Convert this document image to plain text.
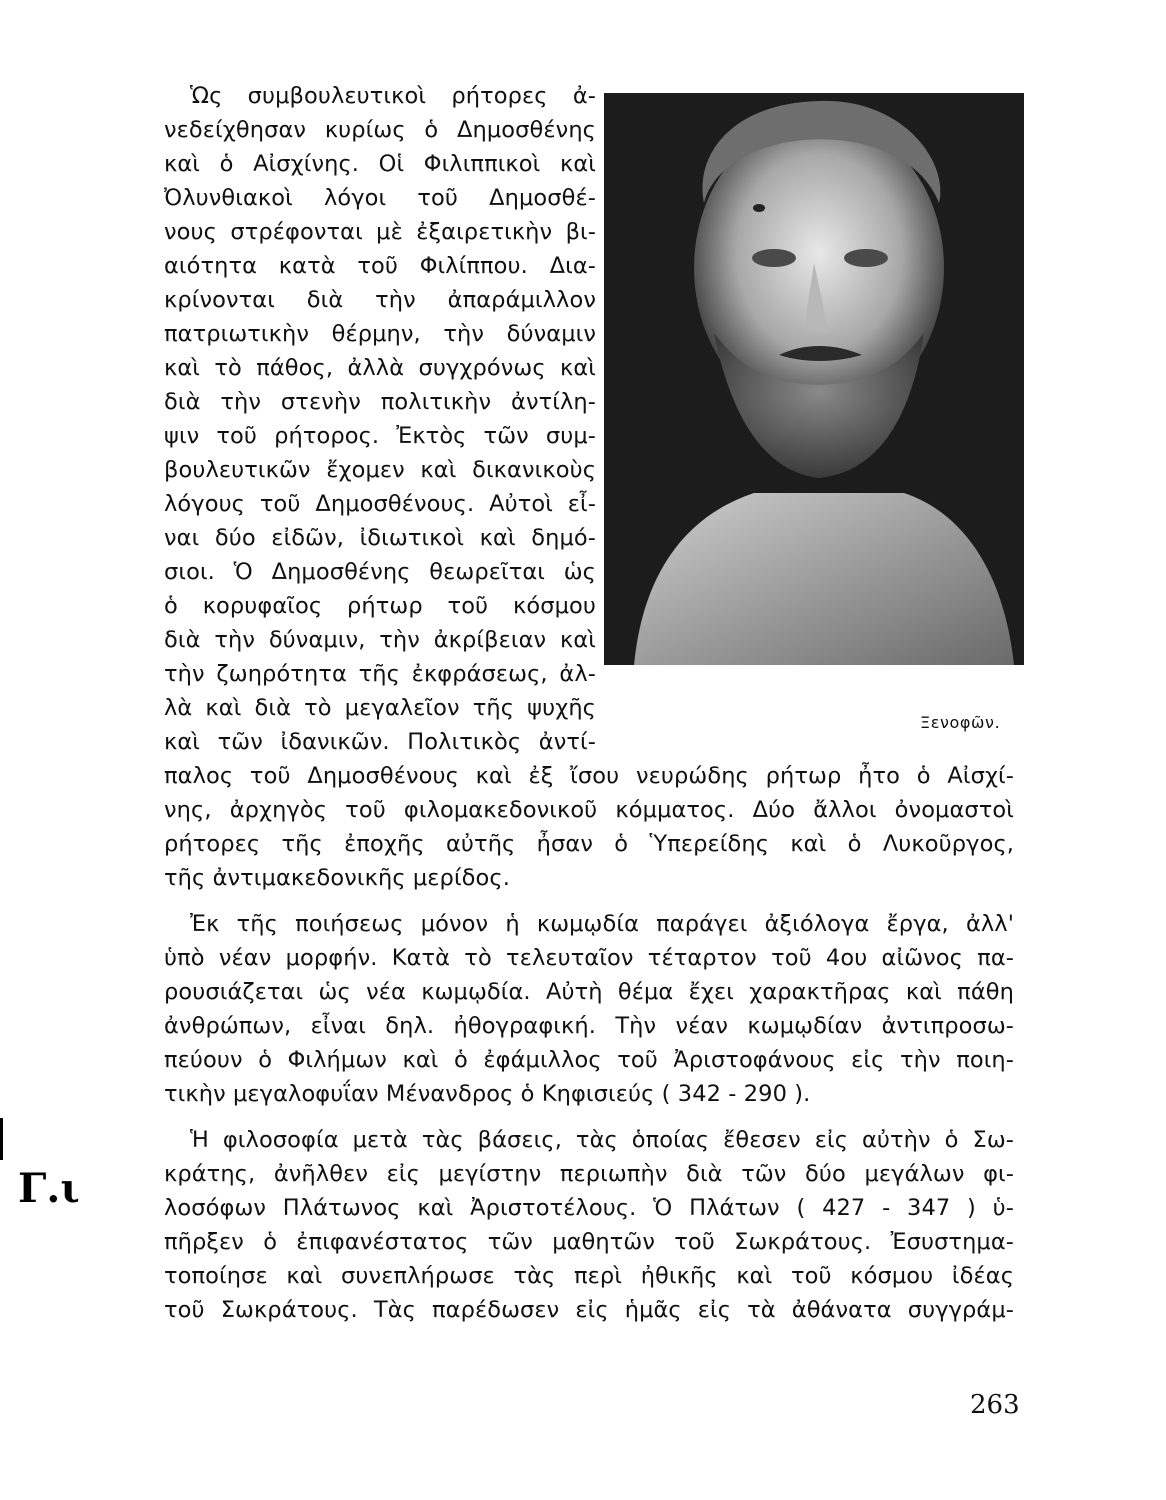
Ὡς συμβουλευτικοὶ ρήτορες ἀ-
νεδείχθησαν κυρίως ὁ Δημοσθένης
καὶ ὁ Αἰσχίνης. Οἱ Φιλιππικοὶ καὶ
Ὀλυνθιακοὶ λόγοι τοῦ Δημοσθέ-
νους στρέφονται μὲ ἐξαιρετικὴν βι-
αιότητα κατὰ τοῦ Φιλίππου. Δια-
κρίνονται διὰ τὴν ἀπαράμιλλον
πατριωτικὴν θέρμην, τὴν δύναμιν
καὶ τὸ πάθος, ἀλλὰ συγχρόνως καὶ
διὰ τὴν στενὴν πολιτικὴν ἀντίλη-
ψιν τοῦ ρήτορος. Ἐκτὸς τῶν συμ-
βουλευτικῶν ἔχομεν καὶ δικανικοὺς
λόγους τοῦ Δημοσθένους. Αὐτοὶ εἶ-
ναι δύο εἰδῶν, ἰδιωτικοὶ καὶ δημό-
σιοι. Ὁ Δημοσθένης θεωρεῖται ὡς
ὁ κορυφαῖος ρήτωρ τοῦ κόσμου
διὰ τὴν δύναμιν, τὴν ἀκρίβειαν καὶ
τὴν ζωηρότητα τῆς ἐκφράσεως, ἀλ-
λὰ καὶ διὰ τὸ μεγαλεῖον τῆς ψυχῆς
καὶ τῶν ἰδανικῶν. Πολιτικὸς ἀντί-
Ξενοφῶν.
παλος τοῦ Δημοσθένους καὶ ἐξ ἴσου νευρώδης ρήτωρ ἦτο ὁ Αἰσχί-
νης, ἀρχηγὸς τοῦ φιλομακεδονικοῦ κόμματος. Δύο ἄλλοι ὀνομαστοὶ
ρήτορες τῆς ἐποχῆς αὐτῆς ἦσαν ὁ Ὑπερείδης καὶ ὁ Λυκοῦργος,
τῆς ἀντιμακεδονικῆς μερίδος.
Ἐκ τῆς ποιήσεως μόνον ἡ κωμῳδία παράγει ἀξιόλογα ἔργα, ἀλλ'
ὑπὸ νέαν μορφήν. Κατὰ τὸ τελευταῖον τέταρτον τοῦ 4ου αἰῶνος πα-
ρουσιάζεται ὡς νέα κωμῳδία. Αὐτὴ θέμα ἔχει χαρακτῆρας καὶ πάθη
ἀνθρώπων, εἶναι δηλ. ἠθογραφική. Τὴν νέαν κωμῳδίαν ἀντιπροσω-
πεύουν ὁ Φιλήμων καὶ ὁ ἐφάμιλλος τοῦ Ἀριστοφάνους εἰς τὴν ποιη-
τικὴν μεγαλοφυΐαν Μένανδρος ὁ Κηφισιεύς ( 342 - 290 ).
Ἡ φιλοσοφία μετὰ τὰς βάσεις, τὰς ὁποίας ἔθεσεν εἰς αὐτὴν ὁ Σω-
κράτης, ἀνῆλθεν εἰς μεγίστην περιωπὴν διὰ τῶν δύο μεγάλων φι-
λοσόφων Πλάτωνος καὶ Ἀριστοτέλους. Ὁ Πλάτων ( 427 - 347 ) ὑ-
πῆρξεν ὁ ἐπιφανέστατος τῶν μαθητῶν τοῦ Σωκράτους. Ἐσυστημα-
τοποίησε καὶ συνεπλήρωσε τὰς περὶ ἠθικῆς καὶ τοῦ κόσμου ἰδέας
τοῦ Σωκράτους. Τὰς παρέδωσεν εἰς ἡμᾶς εἰς τὰ ἀθάνατα συγγράμ-
263
Γ.ι
